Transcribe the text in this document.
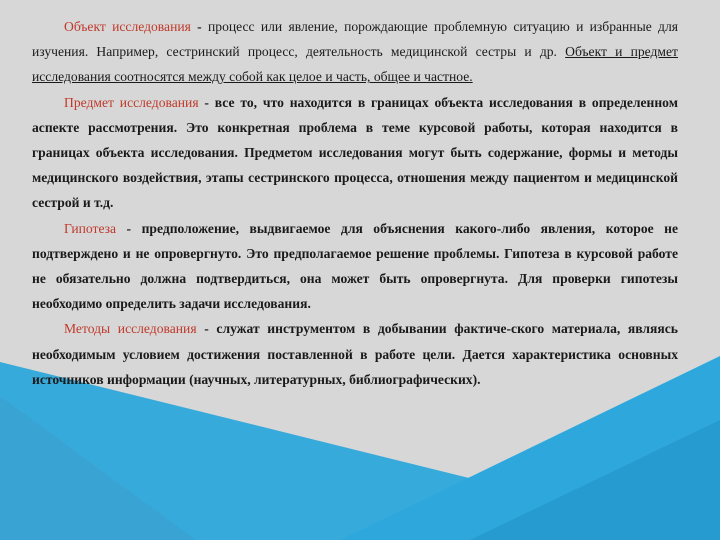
Объект исследования - процесс или явление, порождающие проблемную ситуацию и избранные для изучения. Например, сестринский процесс, деятельность медицинской сестры и др. Объект и предмет исследования соотносятся между собой как целое и часть, общее и частное.

Предмет исследования - все то, что находится в границах объекта исследования в определенном аспекте рассмотрения. Это конкретная проблема в теме курсовой работы, которая находится в границах объекта исследования. Предметом исследования могут быть содержание, формы и методы медицинского воздействия, этапы сестринского процесса, отношения между пациентом и медицинской сестрой и т.д.

Гипотеза - предположение, выдвигаемое для объяснения какого-либо явления, которое не подтверждено и не опровергнуто. Это предполагаемое решение проблемы. Гипотеза в курсовой работе не обязательно должна подтвердиться, она может быть опровергнута. Для проверки гипотезы необходимо определить задачи исследования.

Методы исследования - служат инструментом в добывании фактиче-ского материала, являясь необходимым условием достижения поставленной в работе цели. Дается характеристика основных источников информации (научных, литературных, библиографических).
